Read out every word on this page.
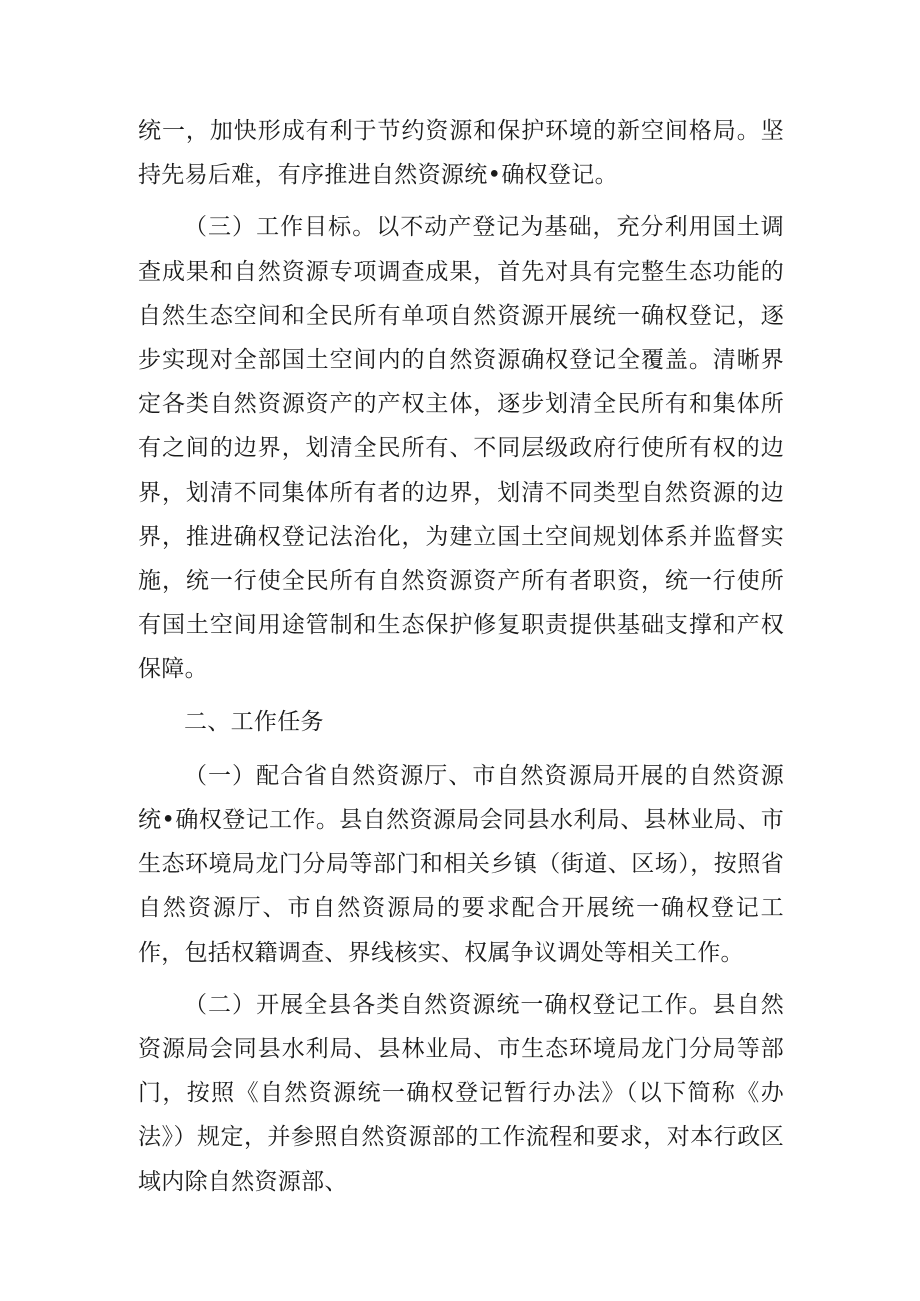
统一，加快形成有利于节约资源和保护环境的新空间格局。坚持先易后难，有序推进自然资源统•确权登记。

（三）工作目标。以不动产登记为基础，充分利用国土调查成果和自然资源专项调查成果，首先对具有完整生态功能的自然生态空间和全民所有单项自然资源开展统一确权登记，逐步实现对全部国土空间内的自然资源确权登记全覆盖。清晰界定各类自然资源资产的产权主体，逐步划清全民所有和集体所有之间的边界，划清全民所有、不同层级政府行使所有权的边界，划清不同集体所有者的边界，划清不同类型自然资源的边界，推进确权登记法治化，为建立国土空间规划体系并监督实施，统一行使全民所有自然资源资产所有者职资，统一行使所有国土空间用途管制和生态保护修复职责提供基础支撑和产权保障。

二、工作任务

（一）配合省自然资源厅、市自然资源局开展的自然资源统•确权登记工作。县自然资源局会同县水利局、县林业局、市生态环境局龙门分局等部门和相关乡镇（街道、区场），按照省自然资源厅、市自然资源局的要求配合开展统一确权登记工作，包括权籍调查、界线核实、权属争议调处等相关工作。

（二）开展全县各类自然资源统一确权登记工作。县自然资源局会同县水利局、县林业局、市生态环境局龙门分局等部门，按照《自然资源统一确权登记暂行办法》（以下简称《办法》）规定，并参照自然资源部的工作流程和要求，对本行政区域内除自然资源部、
